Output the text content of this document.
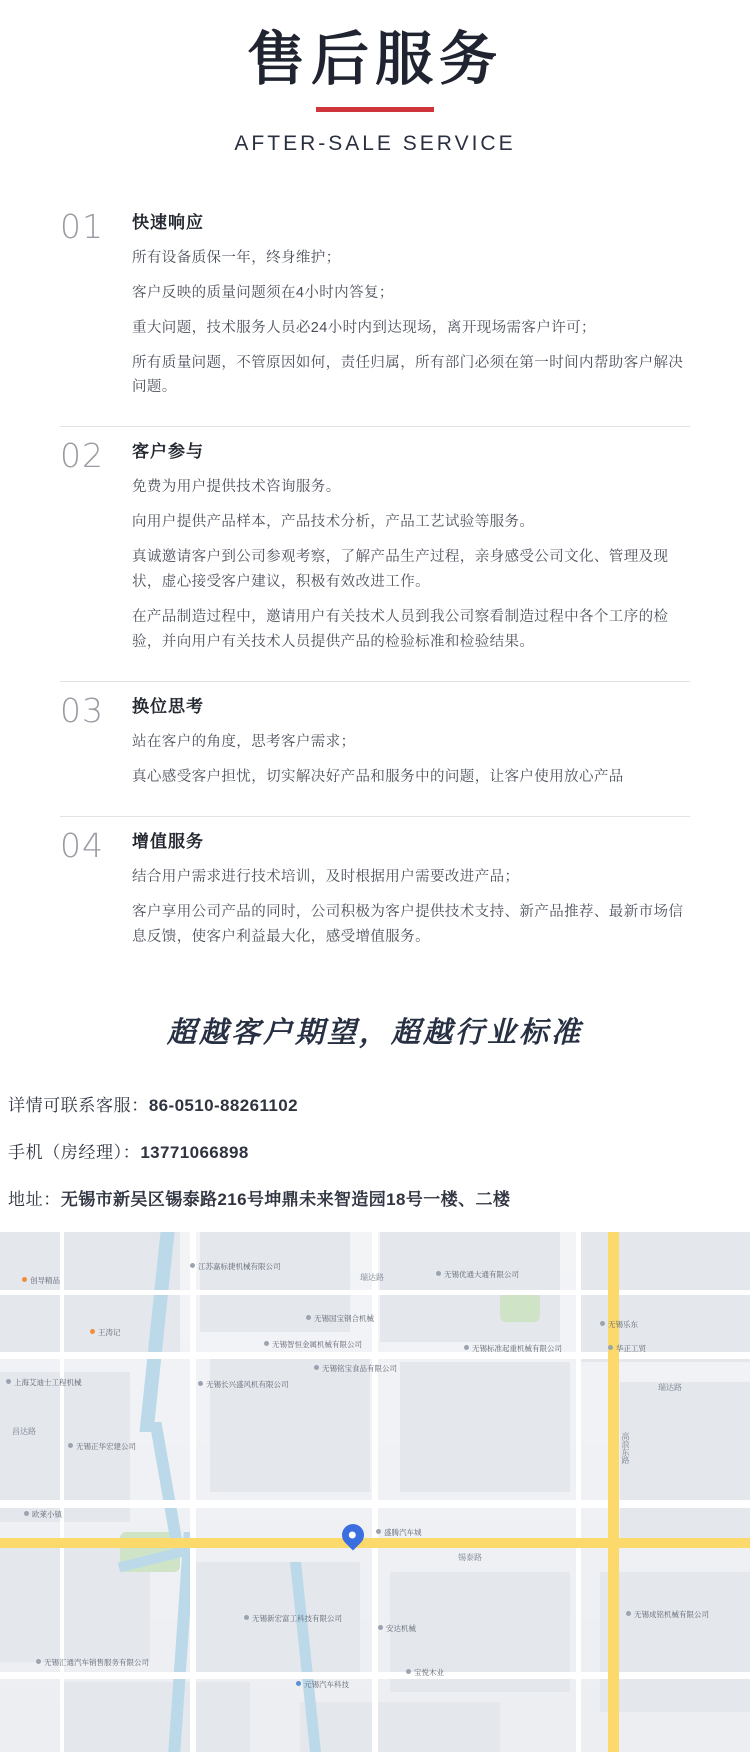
售后服务
AFTER-SALE SERVICE
01	快速响应

所有设备质保一年，终身维护；

客户反映的质量问题须在4小时内答复；

重大问题，技术服务人员必24小时内到达现场，离开现场需客户许可；

所有质量问题，不管原因如何，责任归属，所有部门必须在第一时间内帮助客户解决问题。

02	客户参与

免费为用户提供技术咨询服务。

向用户提供产品样本，产品技术分析，产品工艺试验等服务。

真诚邀请客户到公司参观考察，了解产品生产过程，亲身感受公司文化、管理及现状，虚心接受客户建议，积极有效改进工作。

在产品制造过程中，邀请用户有关技术人员到我公司察看制造过程中各个工序的检验，并向用户有关技术人员提供产品的检验标准和检验结果。

03	换位思考

站在客户的角度，思考客户需求；

真心感受客户担忧，切实解决好产品和服务中的问题，让客户使用放心产品

04	增值服务

结合用户需求进行技术培训，及时根据用户需要改进产品；

客户享用公司产品的同时，公司积极为客户提供技术支持、新产品推荐、最新市场信息反馈，使客户利益最大化，感受增值服务。

超越客户期望，超越行业标准
详情可联系客服：86-0510-88261102
手机（房经理）：13771066898
地址：无锡市新吴区锡泰路216号坤鼎未来智造园18号一楼、二楼
江苏嘉标捷机械有限公司
创导精品
无锡优通大通有限公司
瑞达路
无锡国宝钢合机械
王涛记
无锡乐东
无锡智恒金属机械有限公司	无锡标准起重机械有限公司	华正工贸
无锡铭宝食品有限公司
无锡长兴盛风机有限公司
上海艾迪士工程机械
瑞达路
昌达路
无锡正华宏建公司
盛腾汽车城
锡泰路
欧莱小镇
无锡新宏富工科技有限公司
安达机械
无锡汇通汽车销售服务有限公司
元锡汽车科技
宝悦木业
无锡成铭机械有限公司
高浪东路
